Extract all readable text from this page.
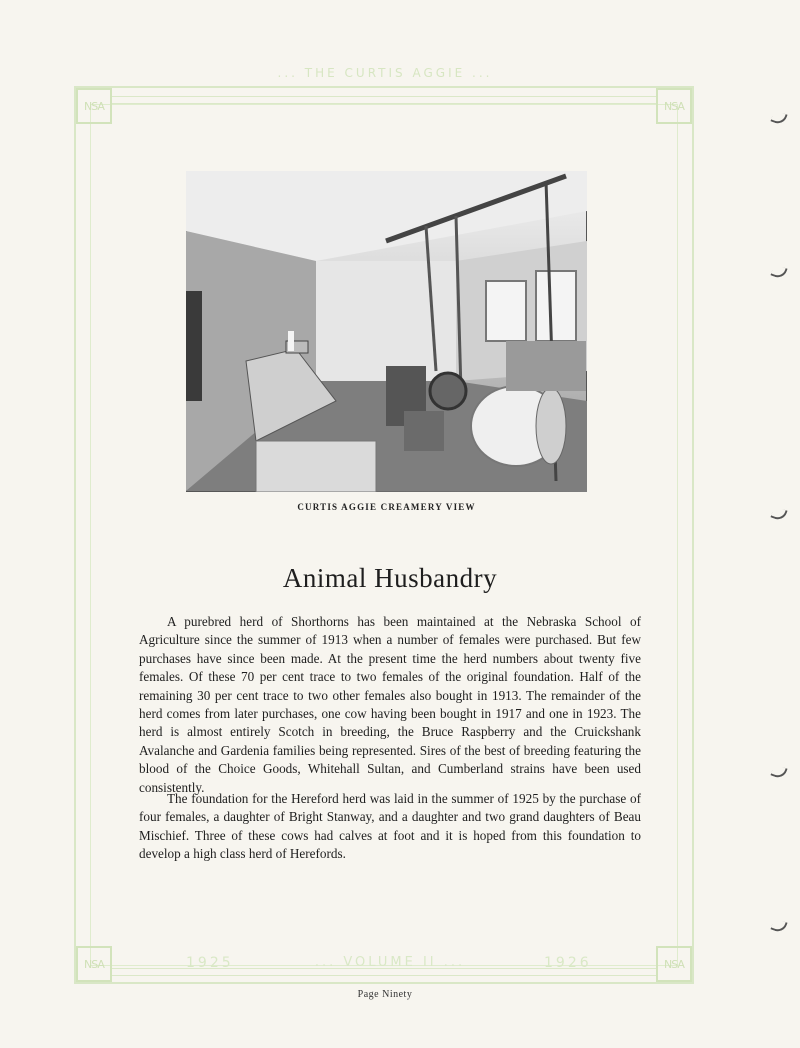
... THE CURTIS AGGIE ...
NSA	NSA
NSA	NSA
1925	... VOLUME II ...	1926
CURTIS AGGIE CREAMERY VIEW
Animal Husbandry

A purebred herd of Shorthorns has been maintained at the Nebraska School of Agriculture since the summer of 1913 when a number of females were purchased. But few purchases have since been made. At the present time the herd numbers about twenty five females. Of these 70 per cent trace to two females of the original foundation. Half of the remaining 30 per cent trace to two other females also bought in 1913. The remainder of the herd comes from later purchases, one cow having been bought in 1917 and one in 1923. The herd is almost entirely Scotch in breeding, the Bruce Raspberry and the Cruickshank Avalanche and Gardenia families being represented. Sires of the best of breeding featuring the blood of the Choice Goods, Whitehall Sultan, and Cumberland strains have been used consistently.

The foundation for the Hereford herd was laid in the summer of 1925 by the purchase of four females, a daughter of Bright Stanway, and a daughter and two grand daughters of Beau Mischief. Three of these cows had calves at foot and it is hoped from this foundation to develop a high class herd of Herefords.

Page Ninety
